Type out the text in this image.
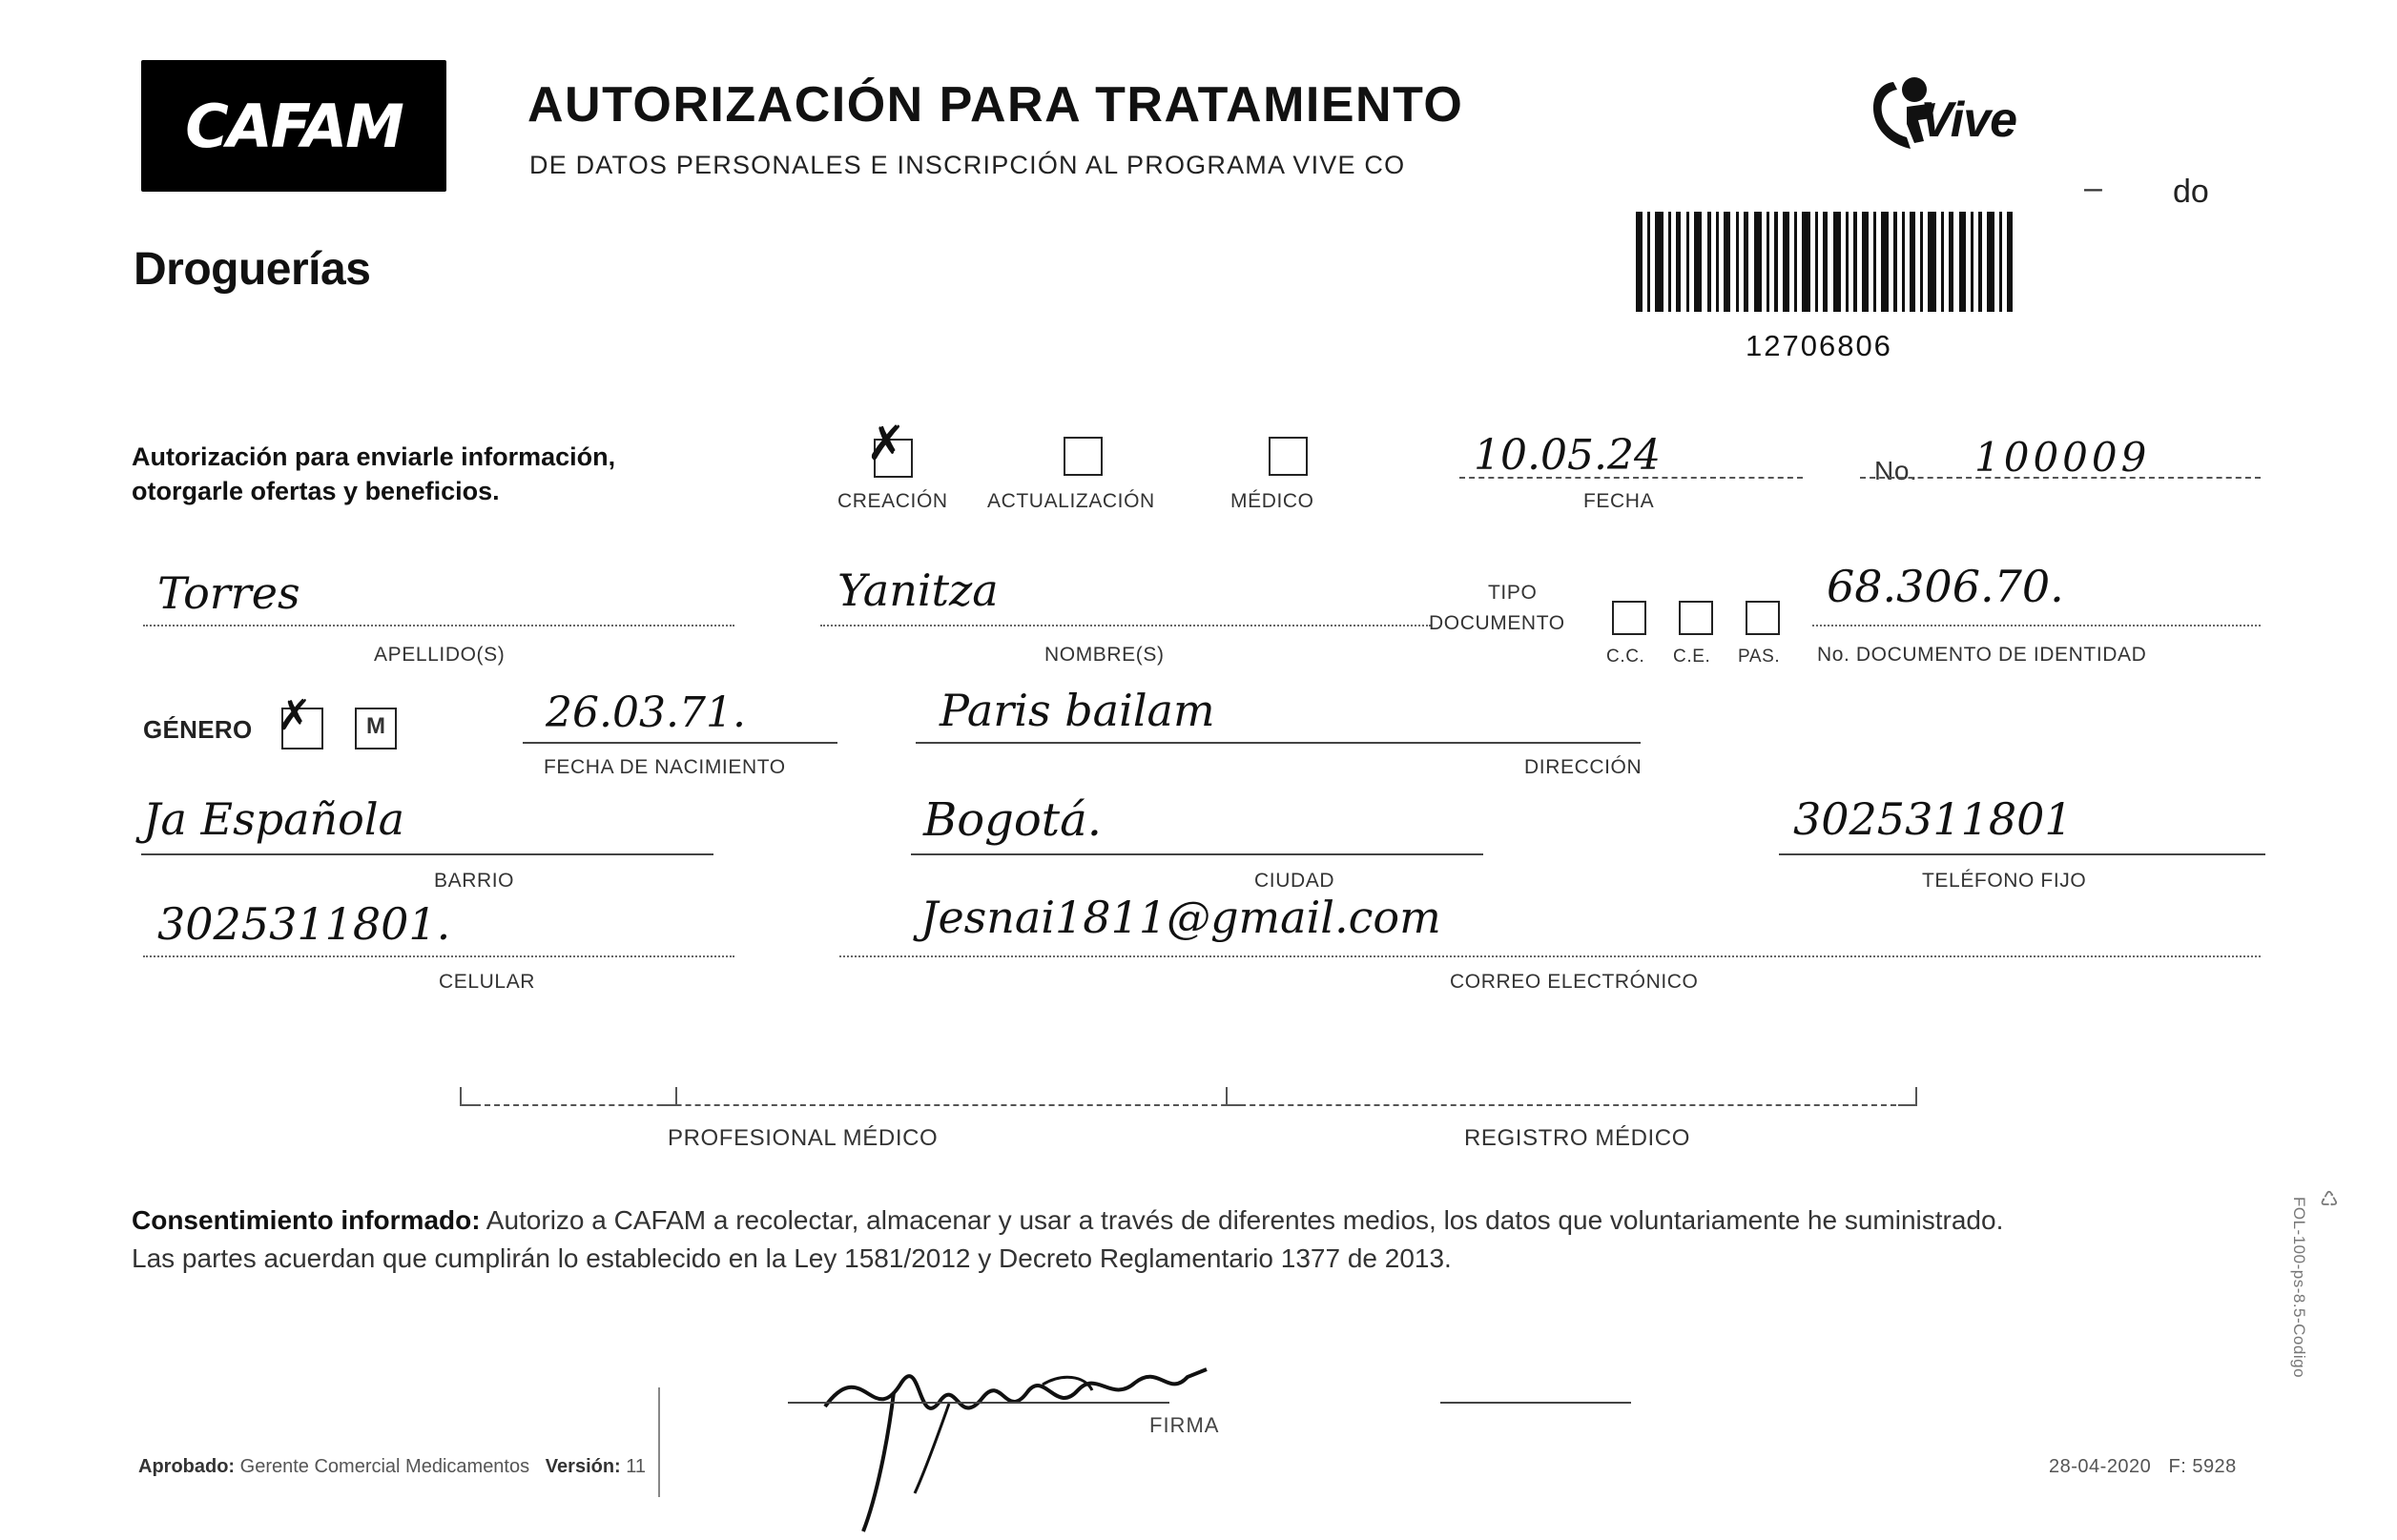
CAFAM
Droguerías
AUTORIZACIÓN PARA TRATAMIENTO
DE DATOS PERSONALES E INSCRIPCIÓN AL PROGRAMA VIVE CO
Vive
– do
12706806
Autorización para enviarle información,
otorgarle ofertas y beneficios.
✗
CREACIÓN ACTUALIZACIÓN	MÉDICO
10.05.24
FECHA
No. 100009
Torres
APELLIDO(S)
Yanitza
NOMBRE(S)
TIPO
DOCUMENTO
C.C. C.E. PAS.
68.306.70.
No. DOCUMENTO DE IDENTIDAD
GÉNERO ✗ M	26.03.71.
FECHA DE NACIMIENTO
Paris bailam
DIRECCIÓN
Ja Española
BARRIO
Bogotá.
CIUDAD
3025311801
TELÉFONO FIJO
3025311801.
CELULAR
Jesnai1811@gmail.com
CORREO ELECTRÓNICO
PROFESIONAL MÉDICO	REGISTRO MÉDICO
Consentimiento informado: Autorizo a CAFAM a recolectar, almacenar y usar a través de diferentes medios, los datos que voluntariamente he suministrado.
Las partes acuerdan que cumplirán lo establecido en la Ley 1581/2012 y Decreto Reglamentario 1377 de 2013.
FIRMA
Aprobado: Gerente Comercial Medicamentos Versión: 11	28-04-2020 F: 5928
♺
FOL-100-ps-8.5-Codigo
